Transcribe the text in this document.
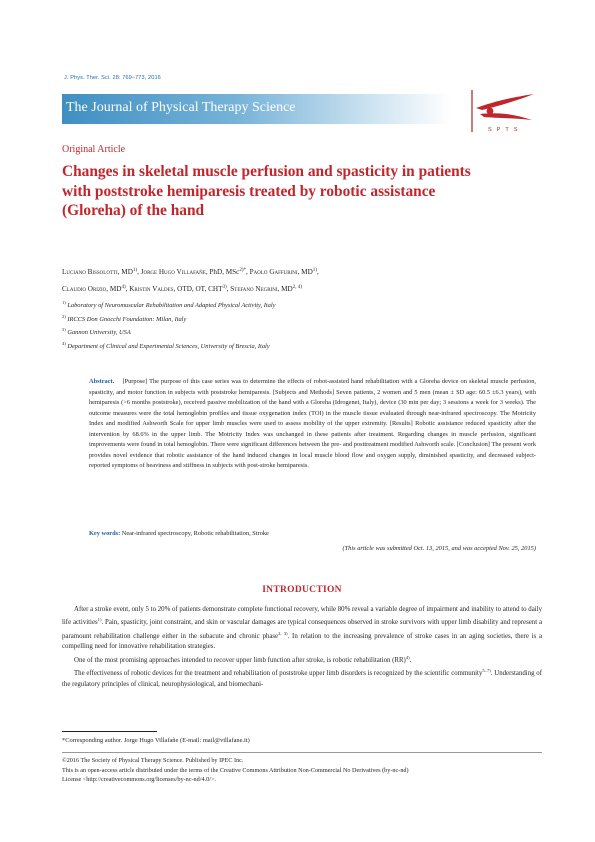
J. Phys. Ther. Sci. 28: 769–773, 2016
The Journal of Physical Therapy Science
SPTS
Original Article
Changes in skeletal muscle perfusion and spasticity in patients with poststroke hemiparesis treated by robotic assistance (Gloreha) of the hand
Luciano Bissolotti, MD$^{1)}$, Jorge Hugo Villafañe, PhD, MSc$^{2)*}$, Paolo Gaffurini, MD$^{1)}$,
Claudio Orizio, MD$^{4)}$, Kristin Valdes, OTD, OT, CHT$^{3)}$, Stefano Negrini, MD$^{2, 4)}$
$^{1)}$ Laboratory of Neuromuscular Rehabilitation and Adapted Physical Activity, Italy
$^{2)}$ IRCCS Don Gnocchi Foundation: Milan, Italy
$^{3)}$ Gannon University, USA
$^{4)}$ Department of Clinical and Experimental Sciences, University of Brescia, Italy
Abstract. [Purpose] The purpose of this case series was to determine the effects of robot-assisted hand rehabilitation with a Gloreha device on skeletal muscle perfusion, spasticity, and motor function in subjects with poststroke hemiparesis. [Subjects and Methods] Seven patients, 2 women and 5 men (mean ± SD age: 60.5 ±6.3 years), with hemiparesis (>6 months poststroke), received passive mobilization of the hand with a Gloreha (Idrogenet, Italy), device (30 min per day; 3 sessions a week for 3 weeks). The outcome measures were the total hemoglobin profiles and tissue oxygenation index (TOI) in the muscle tissue evaluated through near-infrared spectroscopy. The Motricity Index and modified Ashworth Scale for upper limb muscles were used to assess mobility of the upper extremity. [Results] Robotic assistance reduced spasticity after the intervention by 68.6% in the upper limb. The Motricity Index was unchanged in these patients after treatment. Regarding changes in muscle perfusion, significant improvements were found in total hemoglobin. There were significant differences between the pre- and posttreatment modified Ashworth scale. [Conclusion] The present work provides novel evidence that robotic assistance of the hand induced changes in local muscle blood flow and oxygen supply, diminished spasticity, and decreased subject-reported symptoms of heaviness and stiffness in subjects with post-stroke hemiparesis.
Key words: Near-infrared spectroscopy, Robotic rehabilitation, Stroke
(This article was submitted Oct. 13, 2015, and was accepted Nov. 25, 2015)
INTRODUCTION

After a stroke event, only 5 to 20% of patients demonstrate complete functional recovery, while 80% reveal a variable degree of impairment and inability to attend to daily life activities$^{1)}$. Pain, spasticity, joint constraint, and skin or vascular damages are typical consequences observed in stroke survivors with upper limb disability and represent a paramount rehabilitation challenge either in the subacute and chronic phase$^{2, 3)}$. In relation to the increasing prevalence of stroke cases in an aging societies, there is a compelling need for innovative rehabilitation strategies.

One of the most promising approaches intended to recover upper limb function after stroke, is robotic rehabilitation (RR)$^{4)}$.

The effectiveness of robotic devices for the treatment and rehabilitation of poststroke upper limb disorders is recognized by the scientific community$^{5-7)}$. Understanding of the regulatory principles of clinical, neurophysiological, and biomechani-

*Corresponding author. Jorge Hugo Villafañe (E-mail: mail@villafane.it)
©2016 The Society of Physical Therapy Science. Published by IPEC Inc.
This is an open-access article distributed under the terms of the Creative Commons Attribution Non-Commercial No Derivatives (by-nc-nd)
License <http://creativecommons.org/licenses/by-nc-nd/4.0/>.
